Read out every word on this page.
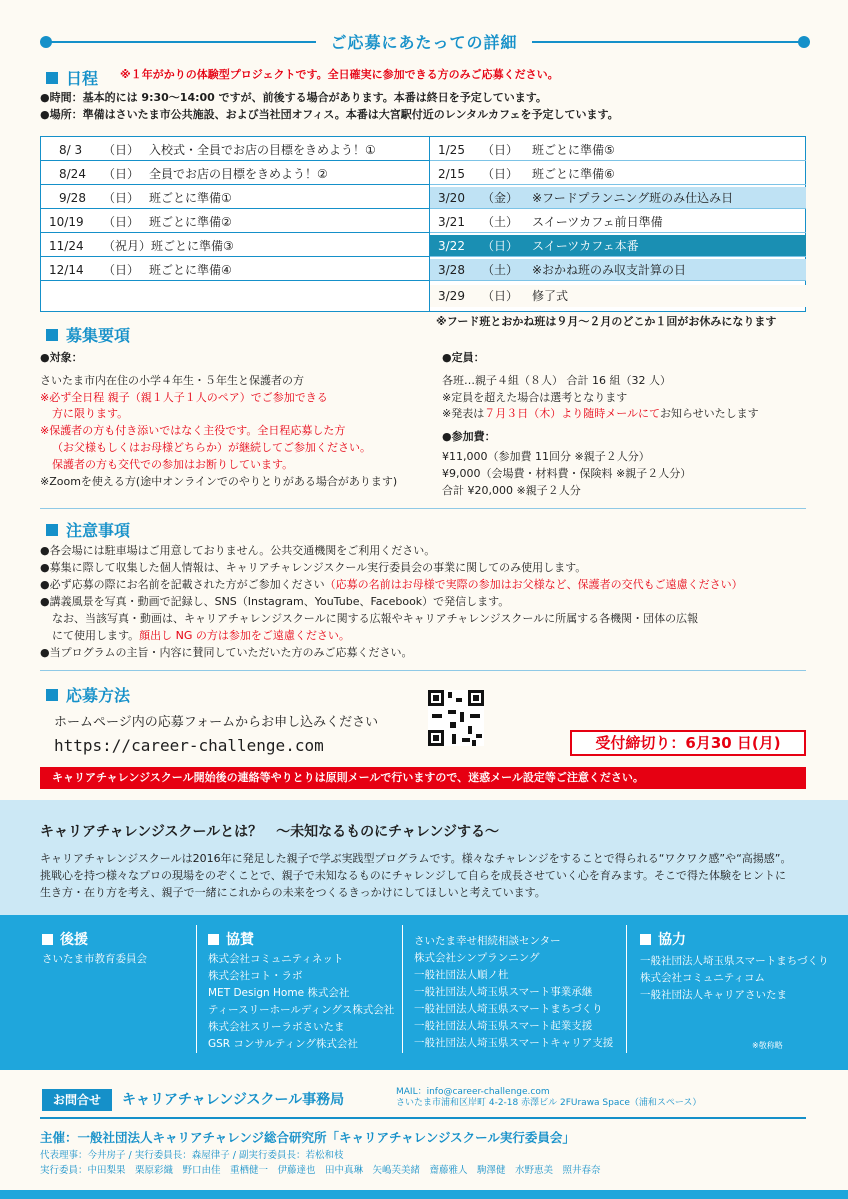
ご応募にあたっての詳細
日程 ※１年がかりの体験型プロジェクトです。全日確実に参加できる方のみご応募ください。
●時間：基本的には 9:30〜14:00 ですが、前後する場合があります。本番は終日を予定しています。
●場所：準備はさいたま市公共施設、および当社団オフィス。本番は大宮駅付近のレンタルカフェを予定しています。
8/ 3 （日） 入校式・全員でお店の目標をきめよう！①
8/24 （日） 全員でお店の目標をきめよう！②
9/28 （日） 班ごとに準備①
10/19 （日） 班ごとに準備②
11/24 （祝月） 班ごとに準備③
12/14 （日） 班ごとに準備④
1/25 （日） 班ごとに準備⑤
2/15 （日） 班ごとに準備⑥
3/20 （金） ※フードプランニング班のみ仕込み日
3/21 （土） スイーツカフェ前日準備
3/22 （日） スイーツカフェ本番
3/28 （土） ※おかね班のみ収支計算の日
3/29 （日） 修了式
※フード班とおかね班は９月〜２月のどこか１回がお休みになります
募集要項
●対象：
さいたま市内在住の小学４年生・５年生と保護者の方
※必ず全日程 親子（親１人子１人のペア）でご参加できる
方に限ります。
※保護者の方も付き添いではなく主役です。全日程応募した方
（お父様もしくはお母様どちらか）が継続してご参加ください。
保護者の方も交代での参加はお断りしています。
※Zoomを使える方(途中オンラインでのやりとりがある場合があります)
●定員：
各班…親子４組（８人） 合計 16 組（32 人）
※定員を超えた場合は選考となります
※発表は７月３日（木）より随時メールにてお知らせいたします
●参加費：
¥11,000（参加費 11回分 ※親子２人分）
¥9,000（会場費・材料費・保険料 ※親子２人分）
合計 ¥20,000 ※親子２人分
注意事項
●各会場には駐車場はご用意しておりません。公共交通機関をご利用ください。
●募集に際して収集した個人情報は、キャリアチャレンジスクール実行委員会の事業に関してのみ使用します。
●必ず応募の際にお名前を記載された方がご参加ください（応募の名前はお母様で実際の参加はお父様など、保護者の交代もご遠慮ください）
●講義風景を写真・動画で記録し、SNS（Instagram、YouTube、Facebook）で発信します。
なお、当該写真・動画は、キャリアチャレンジスクールに関する広報やキャリアチャレンジスクールに所属する各機関・団体の広報
にて使用します。顔出し NG の方は参加をご遠慮ください。
●当プログラムの主旨・内容に賛同していただいた方のみご応募ください。
応募方法
ホームページ内の応募フォームからお申し込みください
https://career-challenge.com	受付締切り：6月30 日(月)
キャリアチャレンジスクール開始後の連絡等やりとりは原則メールで行いますので、迷惑メール設定等ご注意ください。
キャリアチャレンジスクールとは？　～未知なるものにチャレンジする～
キャリアチャレンジスクールは2016年に発足した親子で学ぶ実践型プログラムです。様々なチャレンジをすることで得られる“ワクワク感”や“高揚感”。
挑戦心を持つ様々なプロの現場をのぞくことで、親子で未知なるものにチャレンジして自らを成長させていく心を育みます。そこで得た体験をヒントに
生き方・在り方を考え、親子で一緒にこれからの未来をつくるきっかけにしてほしいと考えています。
後援
さいたま市教育委員会
協賛
株式会社コミュニティネット
株式会社コト・ラボ
MET Design Home 株式会社
ティースリーホールディングス株式会社
株式会社スリーラボさいたま
GSR コンサルティング株式会社
さいたま幸せ相続相談センター
株式会社シンプランニング
一般社団法人順ノ杜
一般社団法人埼玉県スマート事業承継
一般社団法人埼玉県スマートまちづくり
一般社団法人埼玉県スマート起業支援
一般社団法人埼玉県スマートキャリア支援
協力
一般社団法人埼玉県スマートまちづくり
株式会社コミュニティコム
一般社団法人キャリアさいたま
※敬称略
お問合せ	キャリアチャレンジスクール事務局	MAIL：info@career-challenge.com
さいたま市浦和区岸町 4-2-18 赤澤ビル 2FUrawa Space（浦和スペース）
主催：一般社団法人キャリアチャレンジ総合研究所「キャリアチャレンジスクール実行委員会」
代表理事：今井房子 / 実行委員長：森屋律子 / 副実行委員長：若松和枝
実行委員：中田梨果　栗原彩織　野口由佳　重栖健一　伊藤達也　田中真琳　矢嶋芙美緒　齋藤雅人　駒澤健　水野恵美　照井春奈
